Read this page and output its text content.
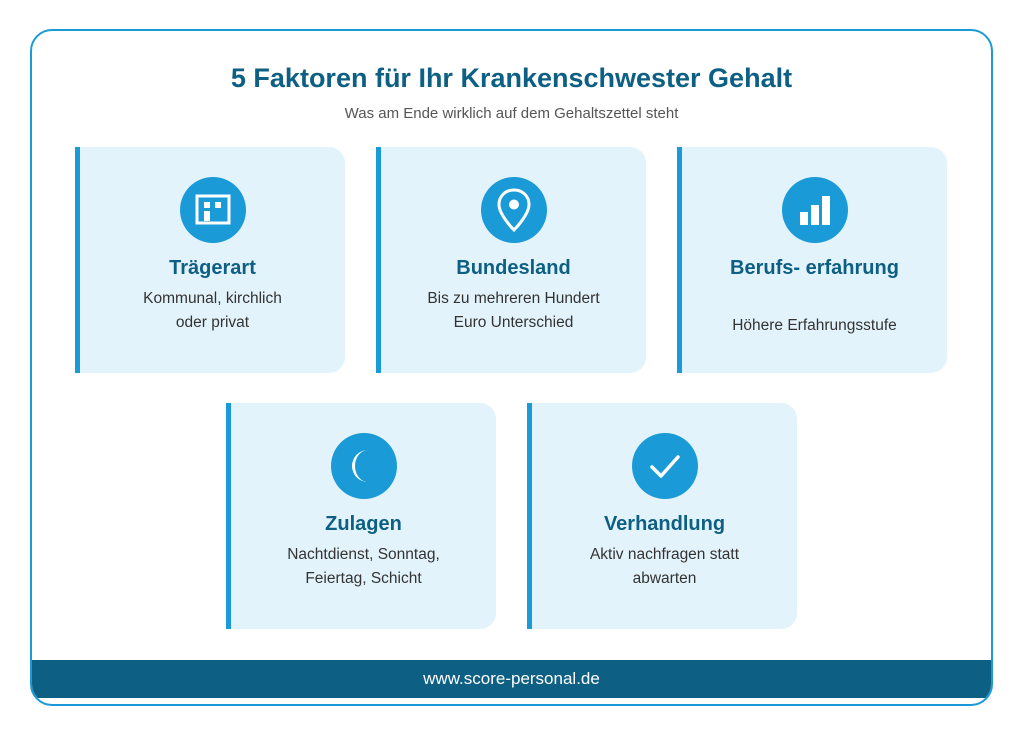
5 Faktoren für Ihr Krankenschwester Gehalt
Was am Ende wirklich auf dem Gehaltszettel steht
Trägerart
Kommunal, kirchlich
oder privat
Bundesland
Bis zu mehreren Hundert
Euro Unterschied
Berufs- erfahrung
Höhere Erfahrungsstufe
Zulagen
Nachtdienst, Sonntag,
Feiertag, Schicht
Verhandlung
Aktiv nachfragen statt
abwarten
www.score-personal.de
